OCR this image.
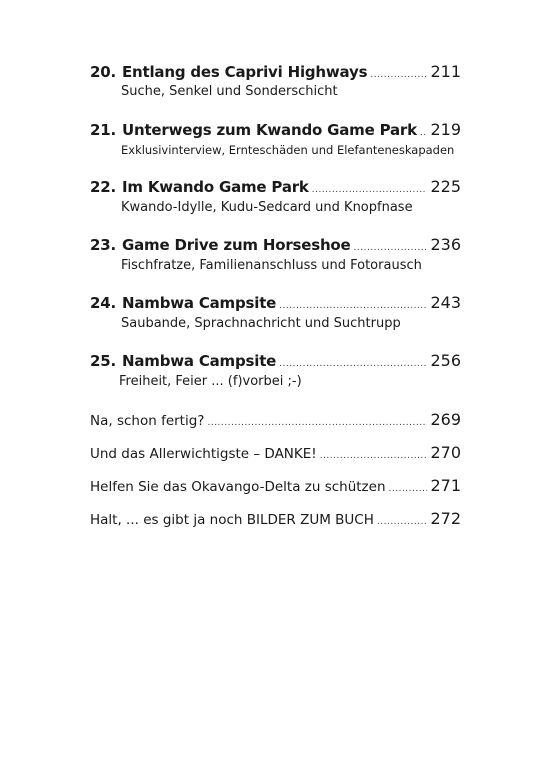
20. Entlang des Caprivi Highways .....	211
Suche, Senkel und Sonderschicht
21. Unterwegs zum Kwando Game Park ..... 219
Exklusivinterview, Ernteschäden und Elefanteneskapaden
22. Im Kwando Game Park .....	225
Kwando-Idylle, Kudu-Sedcard und Knopfnase
23. Game Drive zum Horseshoe .....	236
Fischfratze, Familienanschluss und Fotorausch
24. Nambwa Campsite .....	243
Saubande, Sprachnachricht und Suchtrupp
25. Nambwa Campsite .....	256
Freiheit, Feier ... (f)vorbei ;-)
Na, schon fertig? .....	269
Und das Allerwichtigste – DANKE! .....	270
Helfen Sie das Okavango-Delta zu schützen .....	271
Halt, ... es gibt ja noch BILDER ZUM BUCH .....	272
